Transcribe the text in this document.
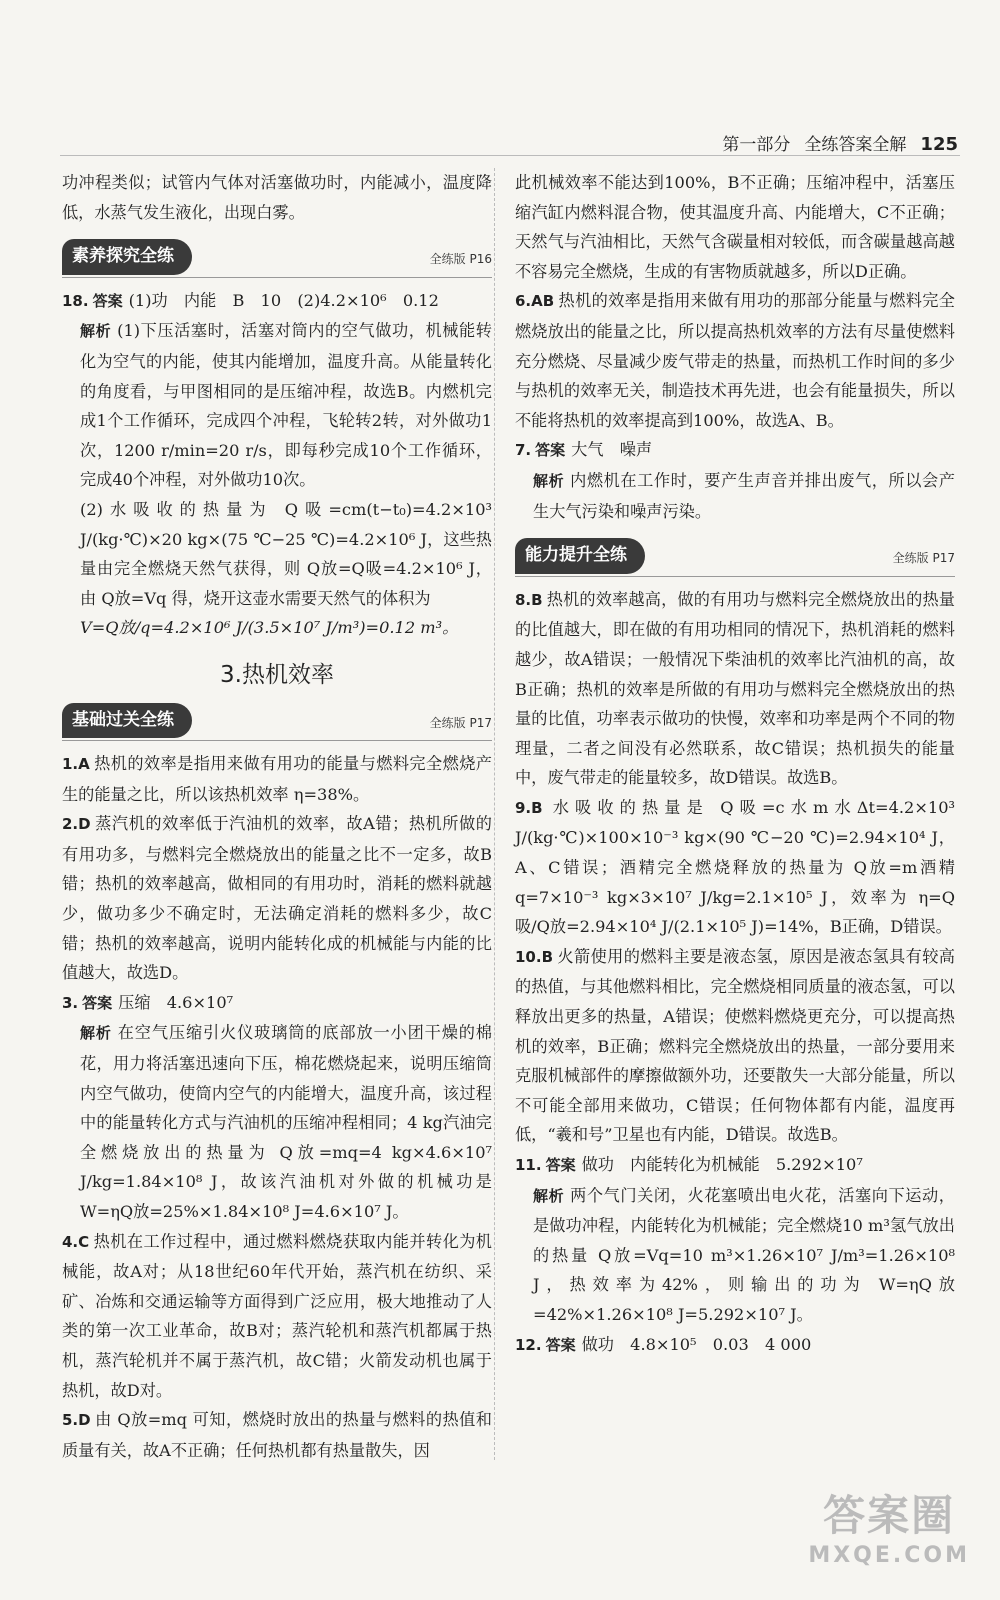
第一部分 全练答案全解 125

功冲程类似；试管内气体对活塞做功时，内能减小，温度降低，水蒸气发生液化，出现白雾。

素养探究全练	全练版 P16

18. 答案 (1)功　内能　B　10　(2)4.2×10⁶　0.12

解析 (1)下压活塞时，活塞对筒内的空气做功，机械能转化为空气的内能，使其内能增加，温度升高。从能量转化的角度看，与甲图相同的是压缩冲程，故选B。内燃机完成1个工作循环，完成四个冲程，飞轮转2转，对外做功1次，1200 r/min=20 r/s，即每秒完成10个工作循环，完成40个冲程，对外做功10次。

(2)水吸收的热量为 Q吸=cm(t−t₀)=4.2×10³ J/(kg·℃)×20 kg×(75 ℃−25 ℃)=4.2×10⁶ J，这些热量由完全燃烧天然气获得，则 Q放=Q吸=4.2×10⁶ J，由 Q放=Vq 得，烧开这壶水需要天然气的体积为

V=Q放/q=4.2×10⁶ J/(3.5×10⁷ J/m³)=0.12 m³。

3.热机效率
基础过关全练	全练版 P17

1.A 热机的效率是指用来做有用功的能量与燃料完全燃烧产生的能量之比，所以该热机效率 η=38%。

2.D 蒸汽机的效率低于汽油机的效率，故A错；热机所做的有用功多，与燃料完全燃烧放出的能量之比不一定多，故B错；热机的效率越高，做相同的有用功时，消耗的燃料就越少，做功多少不确定时，无法确定消耗的燃料多少，故C错；热机的效率越高，说明内能转化成的机械能与内能的比值越大，故选D。

3. 答案 压缩　4.6×10⁷

解析 在空气压缩引火仪玻璃筒的底部放一小团干燥的棉花，用力将活塞迅速向下压，棉花燃烧起来，说明压缩筒内空气做功，使筒内空气的内能增大，温度升高，该过程中的能量转化方式与汽油机的压缩冲程相同；4 kg汽油完全燃烧放出的热量为 Q放=mq=4 kg×4.6×10⁷ J/kg=1.84×10⁸ J，故该汽油机对外做的机械功是 W=ηQ放=25%×1.84×10⁸ J=4.6×10⁷ J。

4.C 热机在工作过程中，通过燃料燃烧获取内能并转化为机械能，故A对；从18世纪60年代开始，蒸汽机在纺织、采矿、冶炼和交通运输等方面得到广泛应用，极大地推动了人类的第一次工业革命，故B对；蒸汽轮机和蒸汽机都属于热机，蒸汽轮机并不属于蒸汽机，故C错；火箭发动机也属于热机，故D对。

5.D 由 Q放=mq 可知，燃烧时放出的热量与燃料的热值和质量有关，故A不正确；任何热机都有热量散失，因

此机械效率不能达到100%，B不正确；压缩冲程中，活塞压缩汽缸内燃料混合物，使其温度升高、内能增大，C不正确；天然气与汽油相比，天然气含碳量相对较低，而含碳量越高越不容易完全燃烧，生成的有害物质就越多，所以D正确。

6.AB 热机的效率是指用来做有用功的那部分能量与燃料完全燃烧放出的能量之比，所以提高热机效率的方法有尽量使燃料充分燃烧、尽量减少废气带走的热量，而热机工作时间的多少与热机的效率无关，制造技术再先进，也会有能量损失，所以不能将热机的效率提高到100%，故选A、B。

7. 答案 大气　噪声

解析 内燃机在工作时，要产生声音并排出废气，所以会产生大气污染和噪声污染。

能力提升全练	全练版 P17

8.B 热机的效率越高，做的有用功与燃料完全燃烧放出的热量的比值越大，即在做的有用功相同的情况下，热机消耗的燃料越少，故A错误；一般情况下柴油机的效率比汽油机的高，故B正确；热机的效率是所做的有用功与燃料完全燃烧放出的热量的比值，功率表示做功的快慢，效率和功率是两个不同的物理量，二者之间没有必然联系，故C错误；热机损失的能量中，废气带走的能量较多，故D错误。故选B。

9.B 水吸收的热量是 Q吸=c水m水Δt=4.2×10³ J/(kg·℃)×100×10⁻³ kg×(90 ℃−20 ℃)=2.94×10⁴ J，A、C错误；酒精完全燃烧释放的热量为 Q放=m酒精q=7×10⁻³ kg×3×10⁷ J/kg=2.1×10⁵ J，效率为 η=Q吸/Q放=2.94×10⁴ J/(2.1×10⁵ J)=14%，B正确，D错误。

10.B 火箭使用的燃料主要是液态氢，原因是液态氢具有较高的热值，与其他燃料相比，完全燃烧相同质量的液态氢，可以释放出更多的热量，A错误；使燃料燃烧更充分，可以提高热机的效率，B正确；燃料完全燃烧放出的热量，一部分要用来克服机械部件的摩擦做额外功，还要散失一大部分能量，所以不可能全部用来做功，C错误；任何物体都有内能，温度再低，“羲和号”卫星也有内能，D错误。故选B。

11. 答案 做功　内能转化为机械能　5.292×10⁷

解析 两个气门关闭，火花塞喷出电火花，活塞向下运动，是做功冲程，内能转化为机械能；完全燃烧10 m³氢气放出的热量 Q放=Vq=10 m³×1.26×10⁷ J/m³=1.26×10⁸ J，热效率为42%，则输出的功为 W=ηQ放=42%×1.26×10⁸ J=5.292×10⁷ J。

12. 答案 做功　4.8×10⁵　0.03　4 000

答案圈
MXQE.COM
